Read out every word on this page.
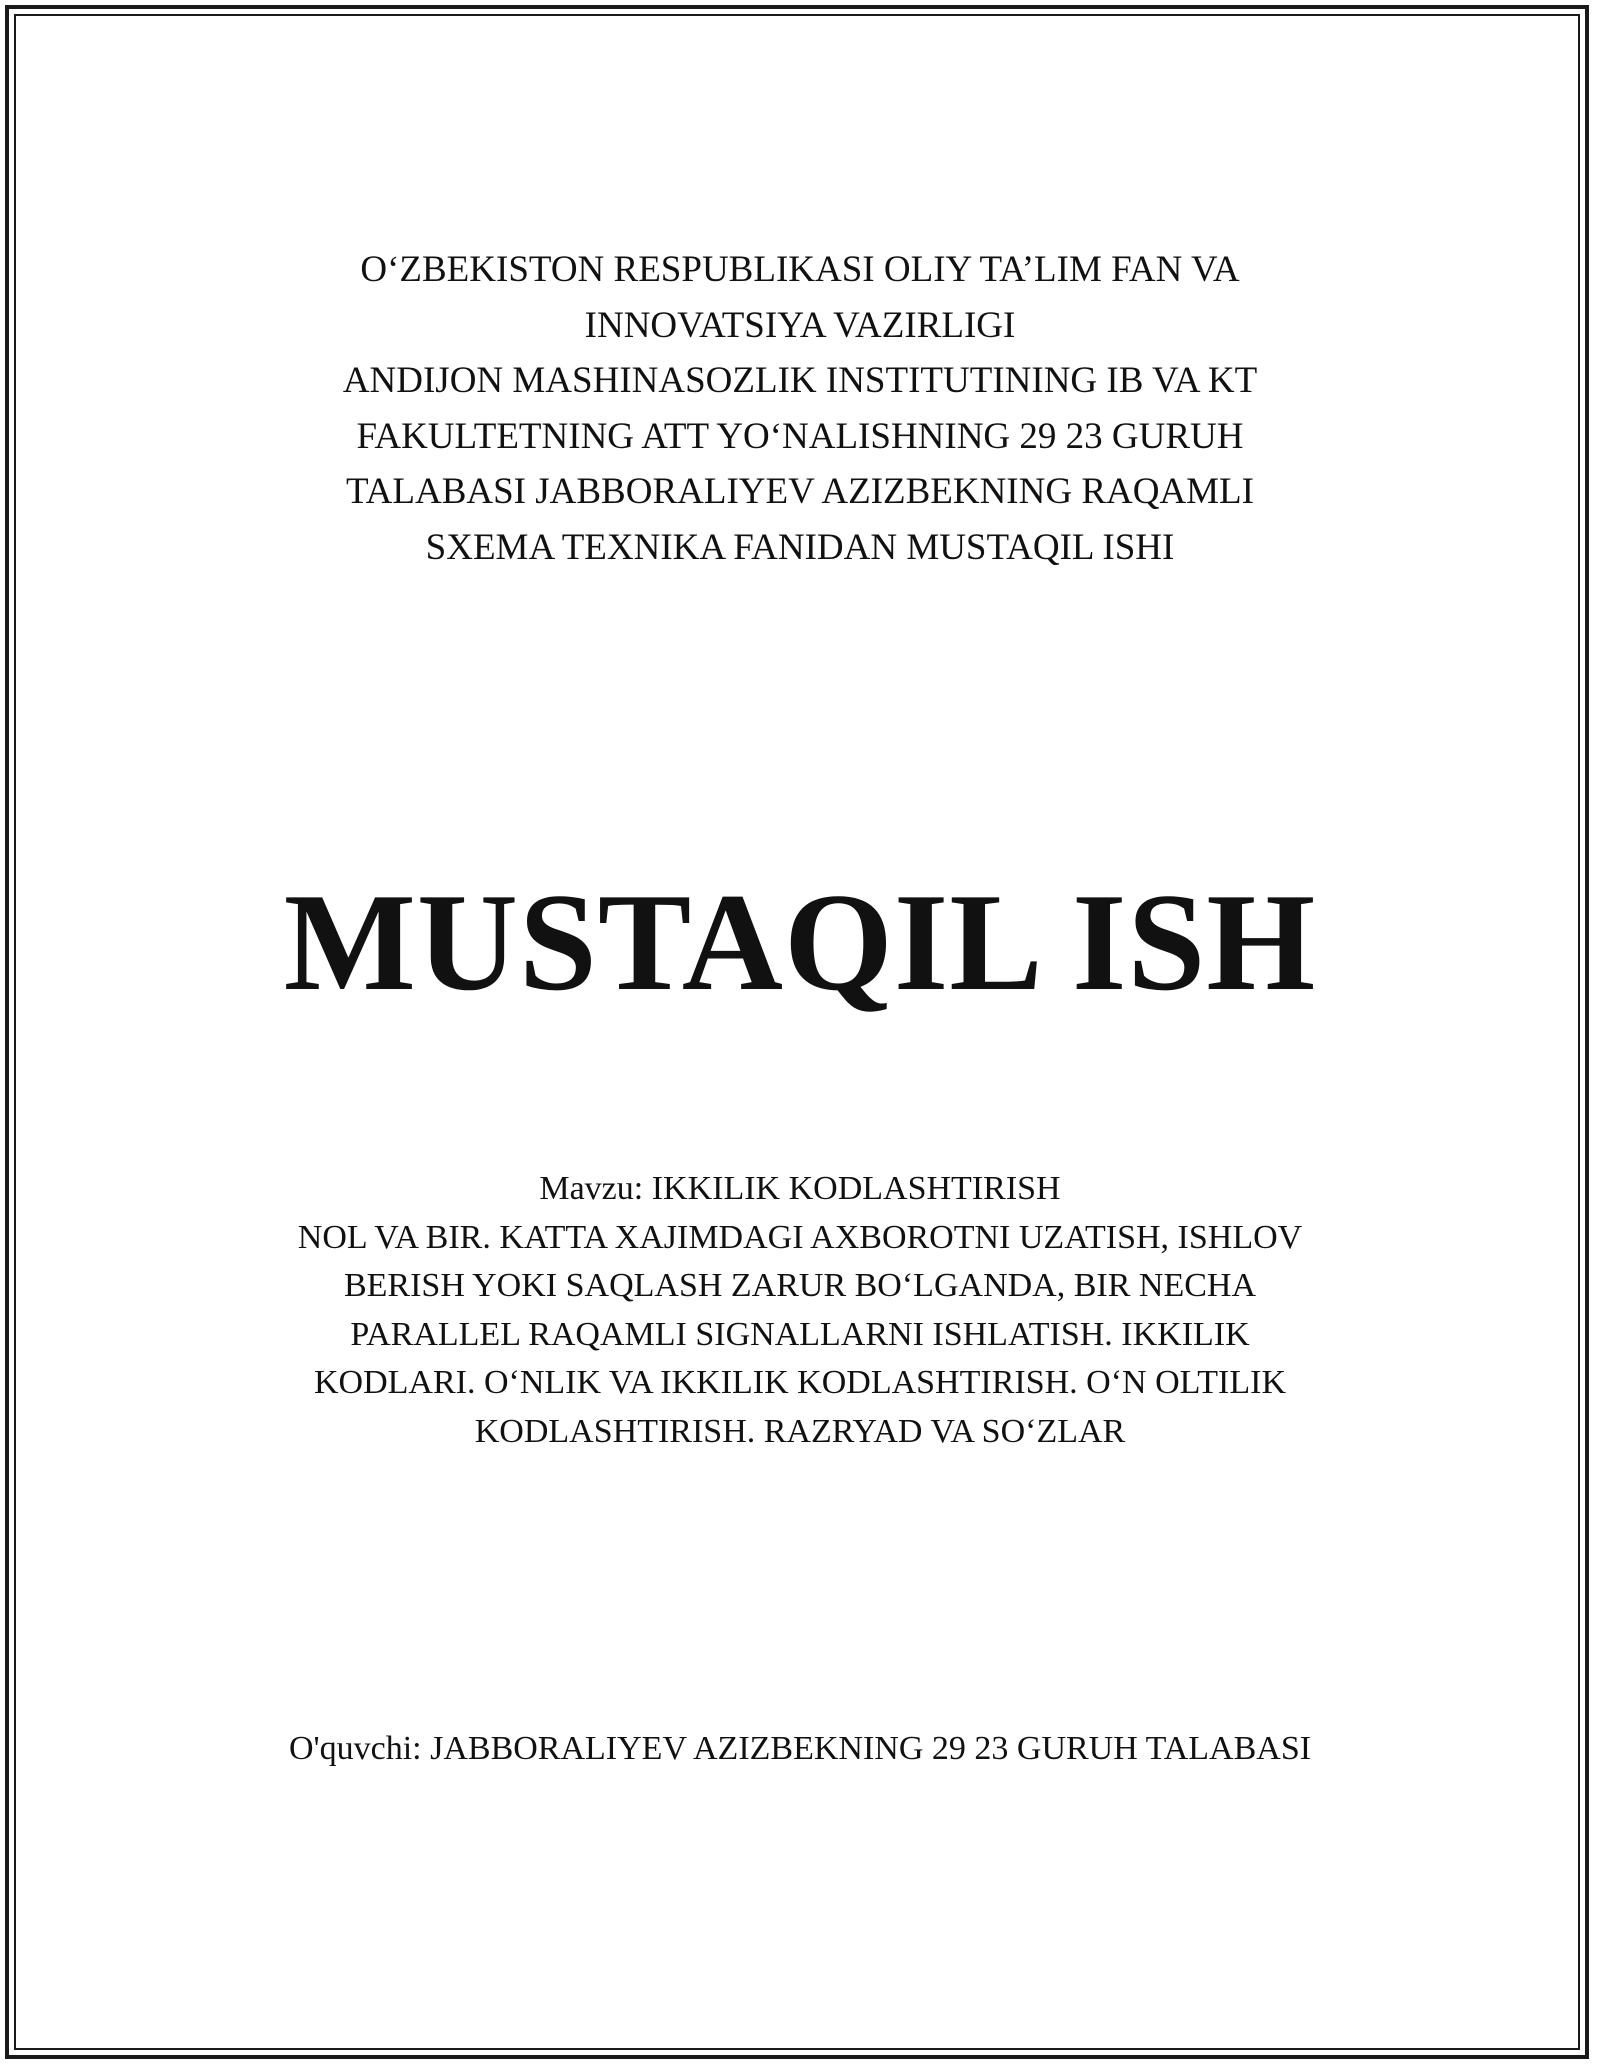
O‘ZBEKISTON RESPUBLIKASI OLIY TA’LIM FAN VA
INNOVATSIYA VAZIRLIGI
ANDIJON MASHINASOZLIK INSTITUTINING IB VA KT
FAKULTETNING ATT YO‘NALISHNING 29 23 GURUH
TALABASI JABBORALIYEV AZIZBEKNING RAQAMLI
SXEMA TEXNIKA FANIDAN MUSTAQIL ISHI
MUSTAQIL ISH
Mavzu: IKKILIK KODLASHTIRISH
NOL VA BIR. KATTA XAJIMDAGI AXBOROTNI UZATISH, ISHLOV
BERISH YOKI SAQLASH ZARUR BO‘LGANDA, BIR NECHA
PARALLEL RAQAMLI SIGNALLARNI ISHLATISH. IKKILIK
KODLARI. O‘NLIK VA IKKILIK KODLASHTIRISH. O‘N OLTILIK
KODLASHTIRISH. RAZRYAD VA SO‘ZLAR
O'quvchi: JABBORALIYEV AZIZBEKNING 29 23 GURUH TALABASI
